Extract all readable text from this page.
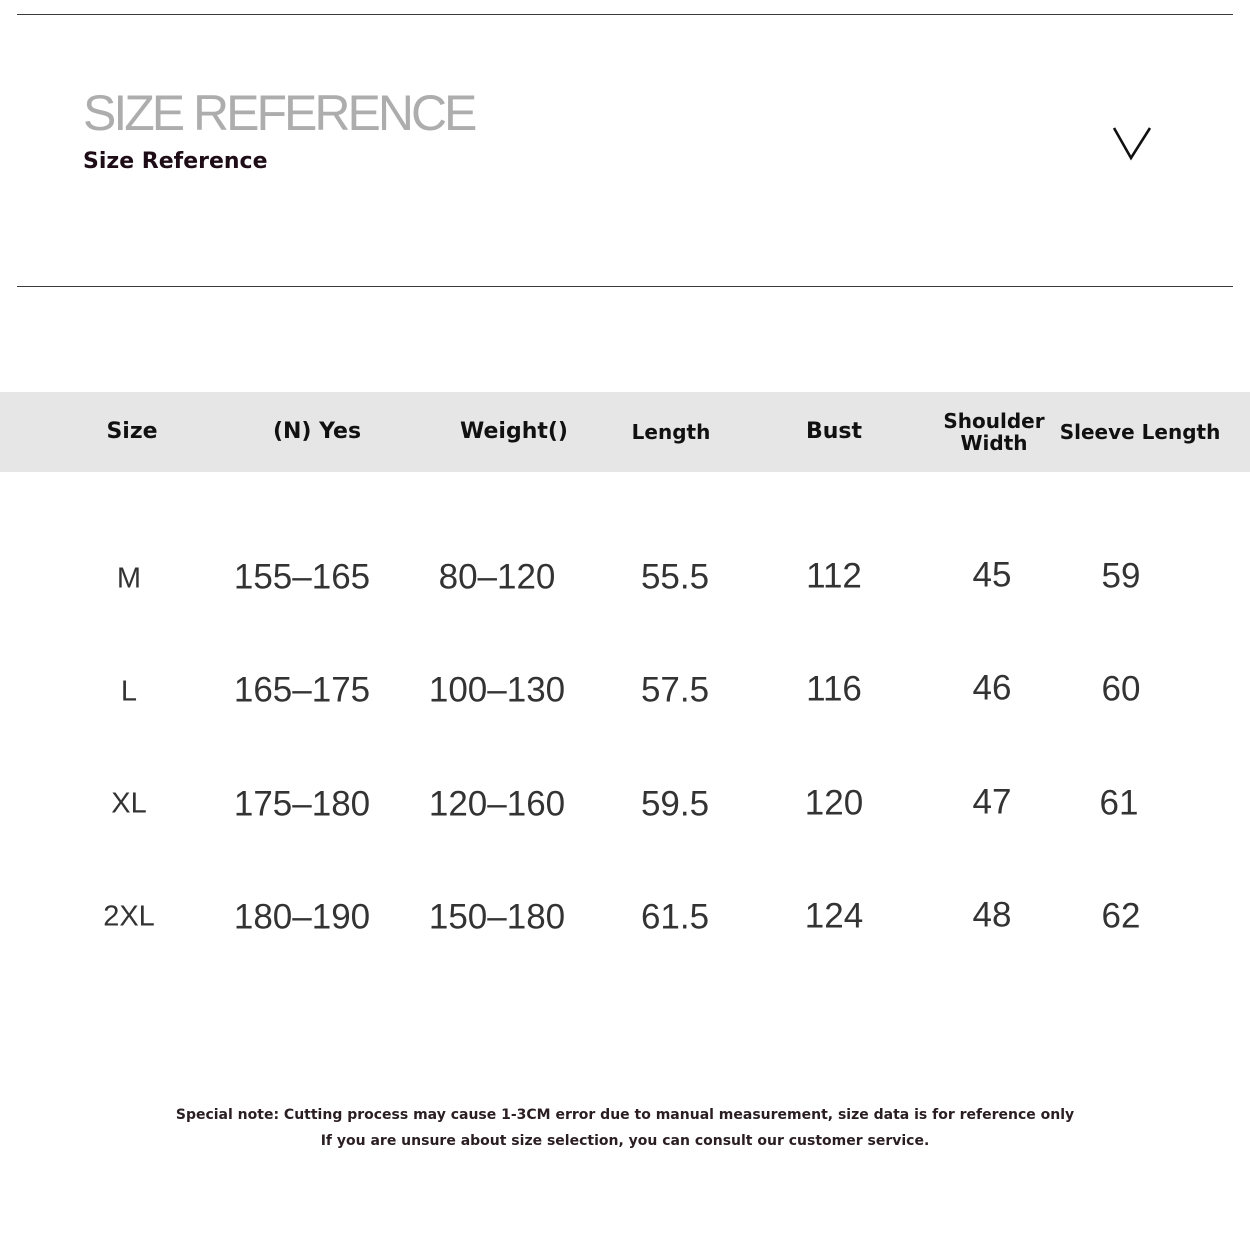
SIZE REFERENCE
Size Reference
Size	(N) Yes	Weight()	Length	Bust	Shoulder Width	Sleeve Length
M	155–165 80–120 55.5	112	45	59
L	165–175 100–130 57.5	116	46	60
XL 175–180 120–160 59.5	120	47	61
2XL 180–190 150–180 61.5	124	48	62
Special note: Cutting process may cause 1-3CM error due to manual measurement, size data is for reference only
If you are unsure about size selection, you can consult our customer service.
